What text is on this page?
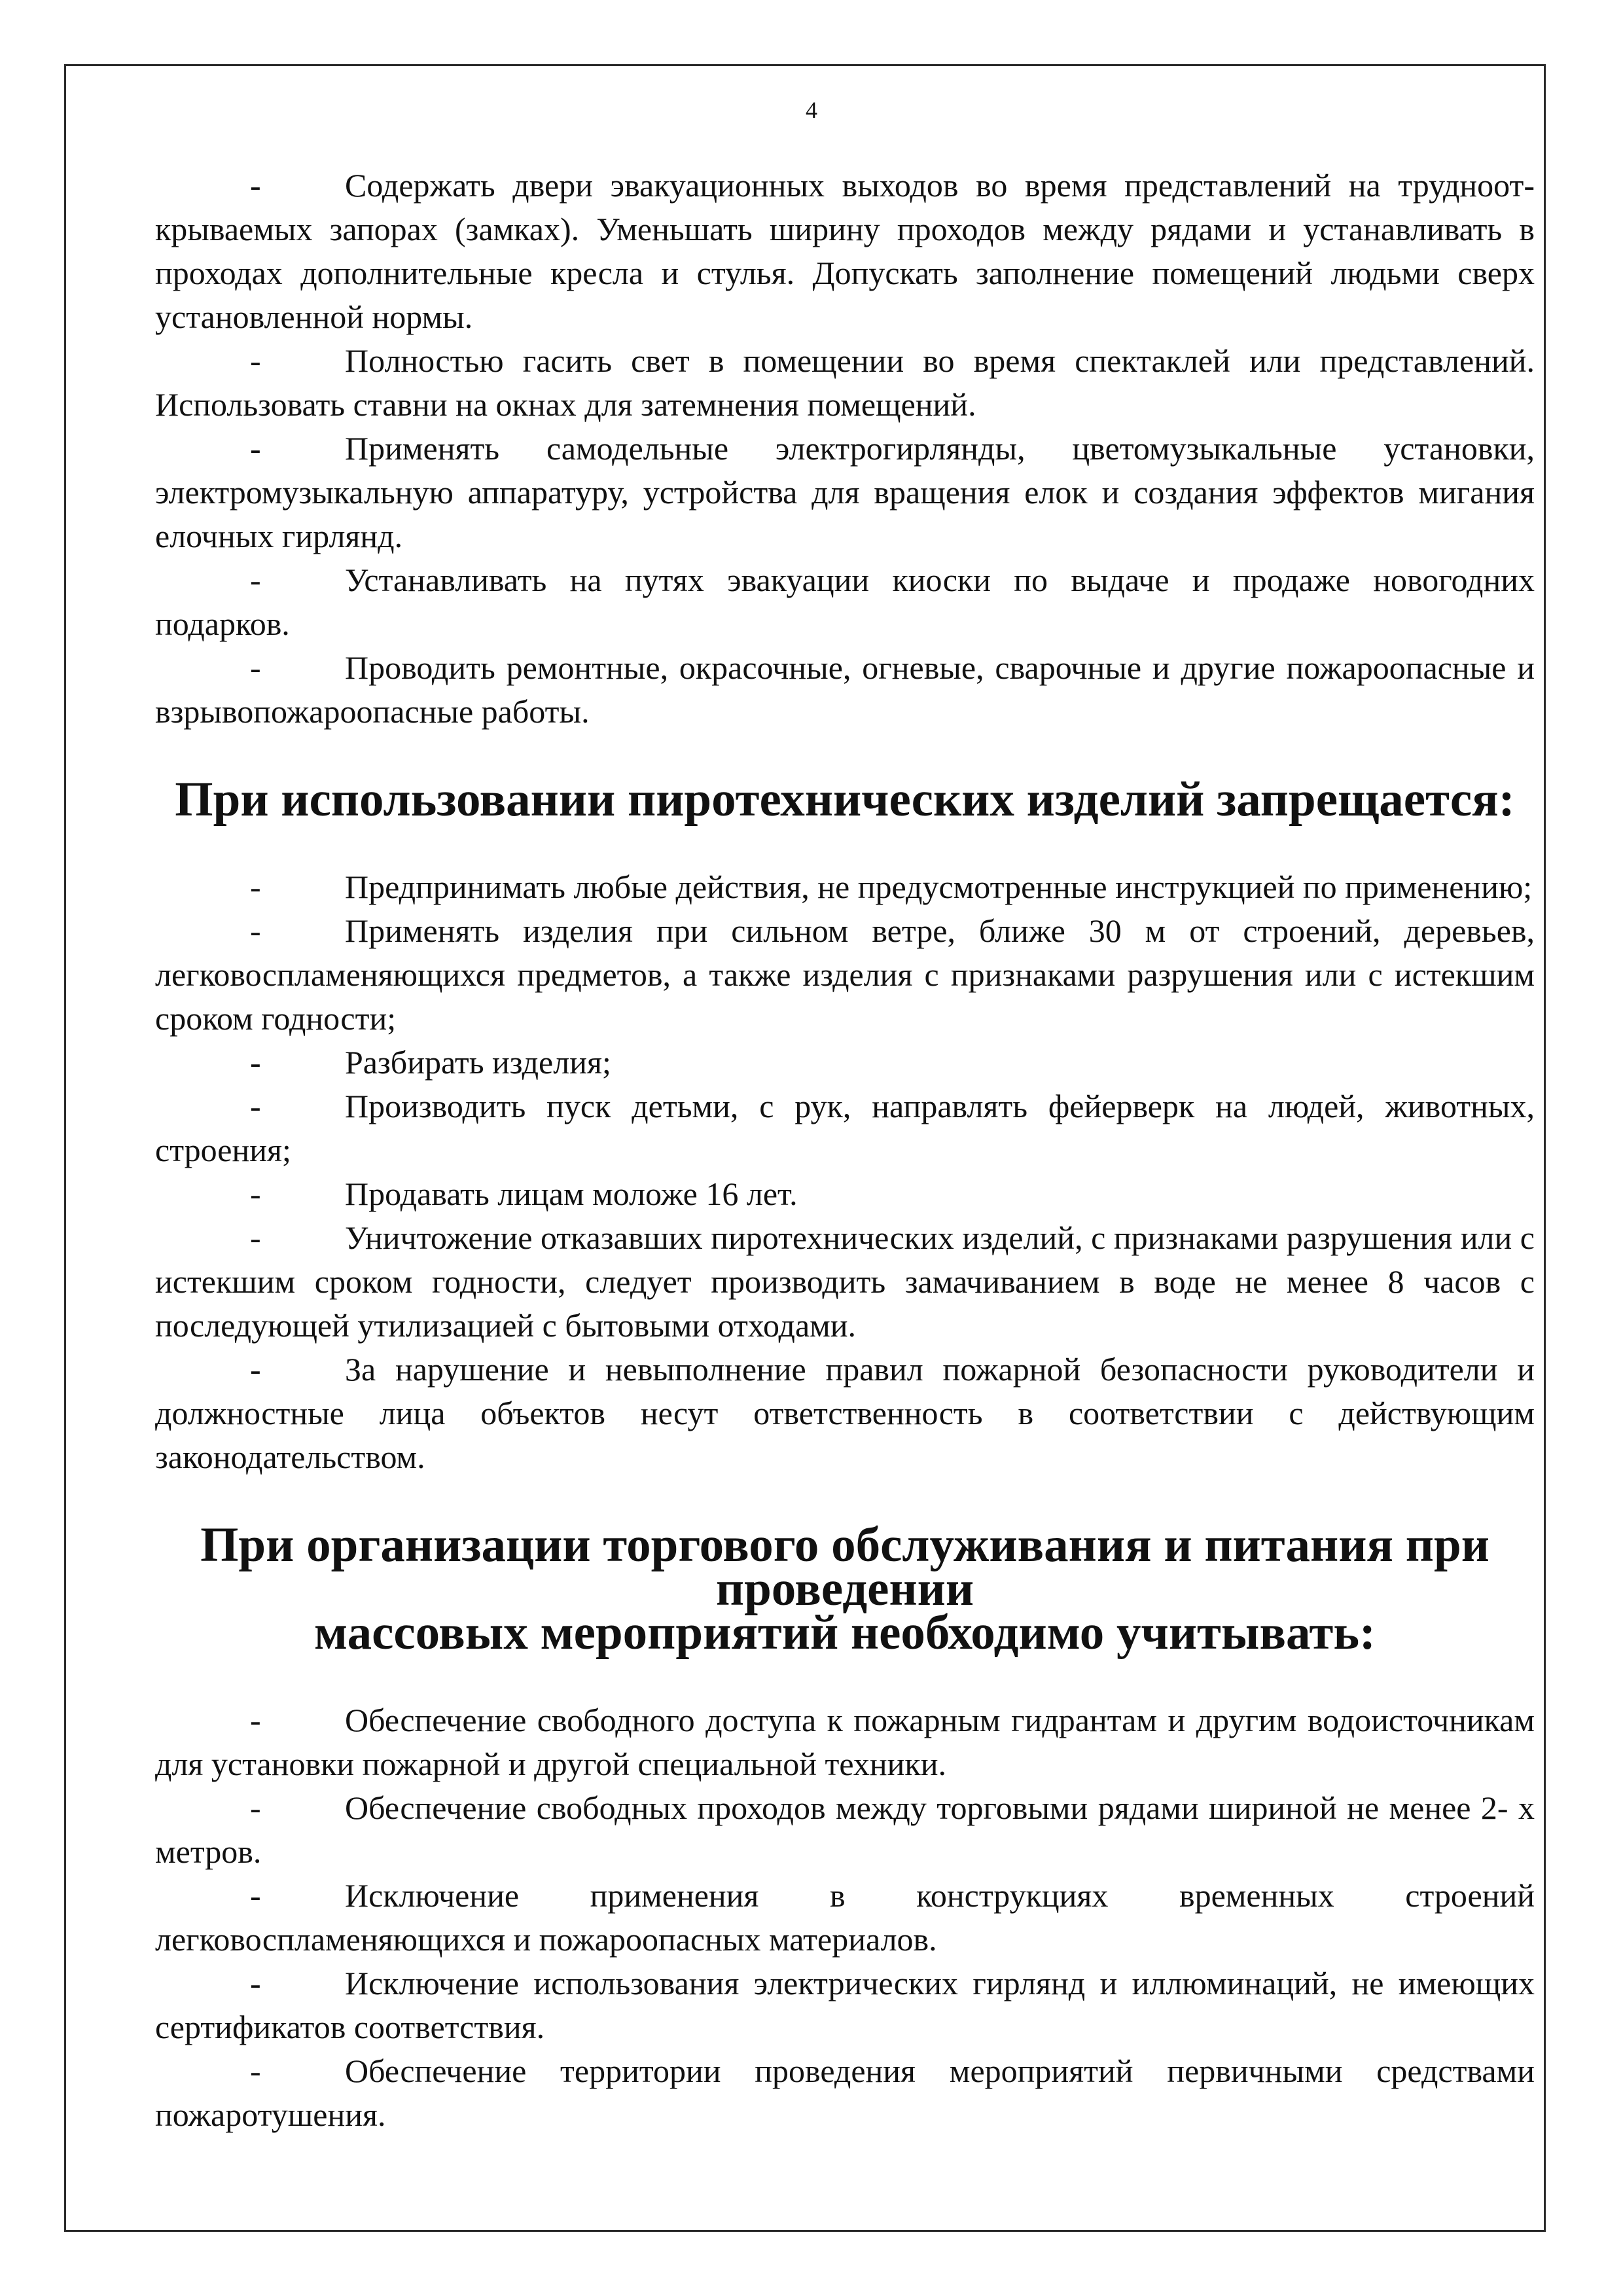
4

-	Содержать двери эвакуационных выходов во время представлений на труднооткрываемых запорах (замках). Уменьшать ширину проходов между рядами и устанавливать в проходах дополнительные кресла и стулья. Допускать заполнение помещений людьми сверх установленной нормы.

-	Полностью гасить свет в помещении во время спектаклей или представлений. Использовать ставни на окнах для затемнения помещений.

-	Применять самодельные электрогирлянды, цветомузыкальные установки, электромузыкальную аппаратуру, устройства для вращения елок и создания эффектов мигания елочных гирлянд.

-	Устанавливать на путях эвакуации киоски по выдаче и продаже новогодних подарков.

-	Проводить ремонтные, окрасочные, огневые, сварочные и другие пожароопасные и взрывопожароопасные работы.

При использовании пиротехнических изделий запрещается:

-	Предпринимать любые действия, не предусмотренные инструкцией по применению;

-	Применять изделия при сильном ветре, ближе 30 м от строений, деревьев, легковоспламеняющихся предметов, а также изделия с признаками разрушения или с истекшим сроком годности;

-	Разбирать изделия;

-	Производить пуск детьми, с рук, направлять фейерверк на людей, животных, строения;

-	Продавать лицам моложе 16 лет.

-	Уничтожение отказавших пиротехнических изделий, с признаками разрушения или с истекшим сроком годности, следует производить замачиванием в воде не менее 8 часов с последующей утилизацией с бытовыми отходами.

-	За нарушение и невыполнение правил пожарной безопасности руководители и должностные лица объектов несут ответственность в соответствии с действующим законодательством.

При организации торгового обслуживания и питания при проведении
массовых мероприятий необходимо учитывать:

-	Обеспечение свободного доступа к пожарным гидрантам и другим водоисточникам для установки пожарной и другой специальной техники.

-	Обеспечение свободных проходов между торговыми рядами шириной не менее 2- х метров.

-	Исключение применения в конструкциях временных строений легковоспламеняющихся и пожароопасных материалов.

-	Исключение использования электрических гирлянд и иллюминаций, не имеющих сертификатов соответствия.

-	Обеспечение территории проведения мероприятий первичными средствами пожаротушения.
